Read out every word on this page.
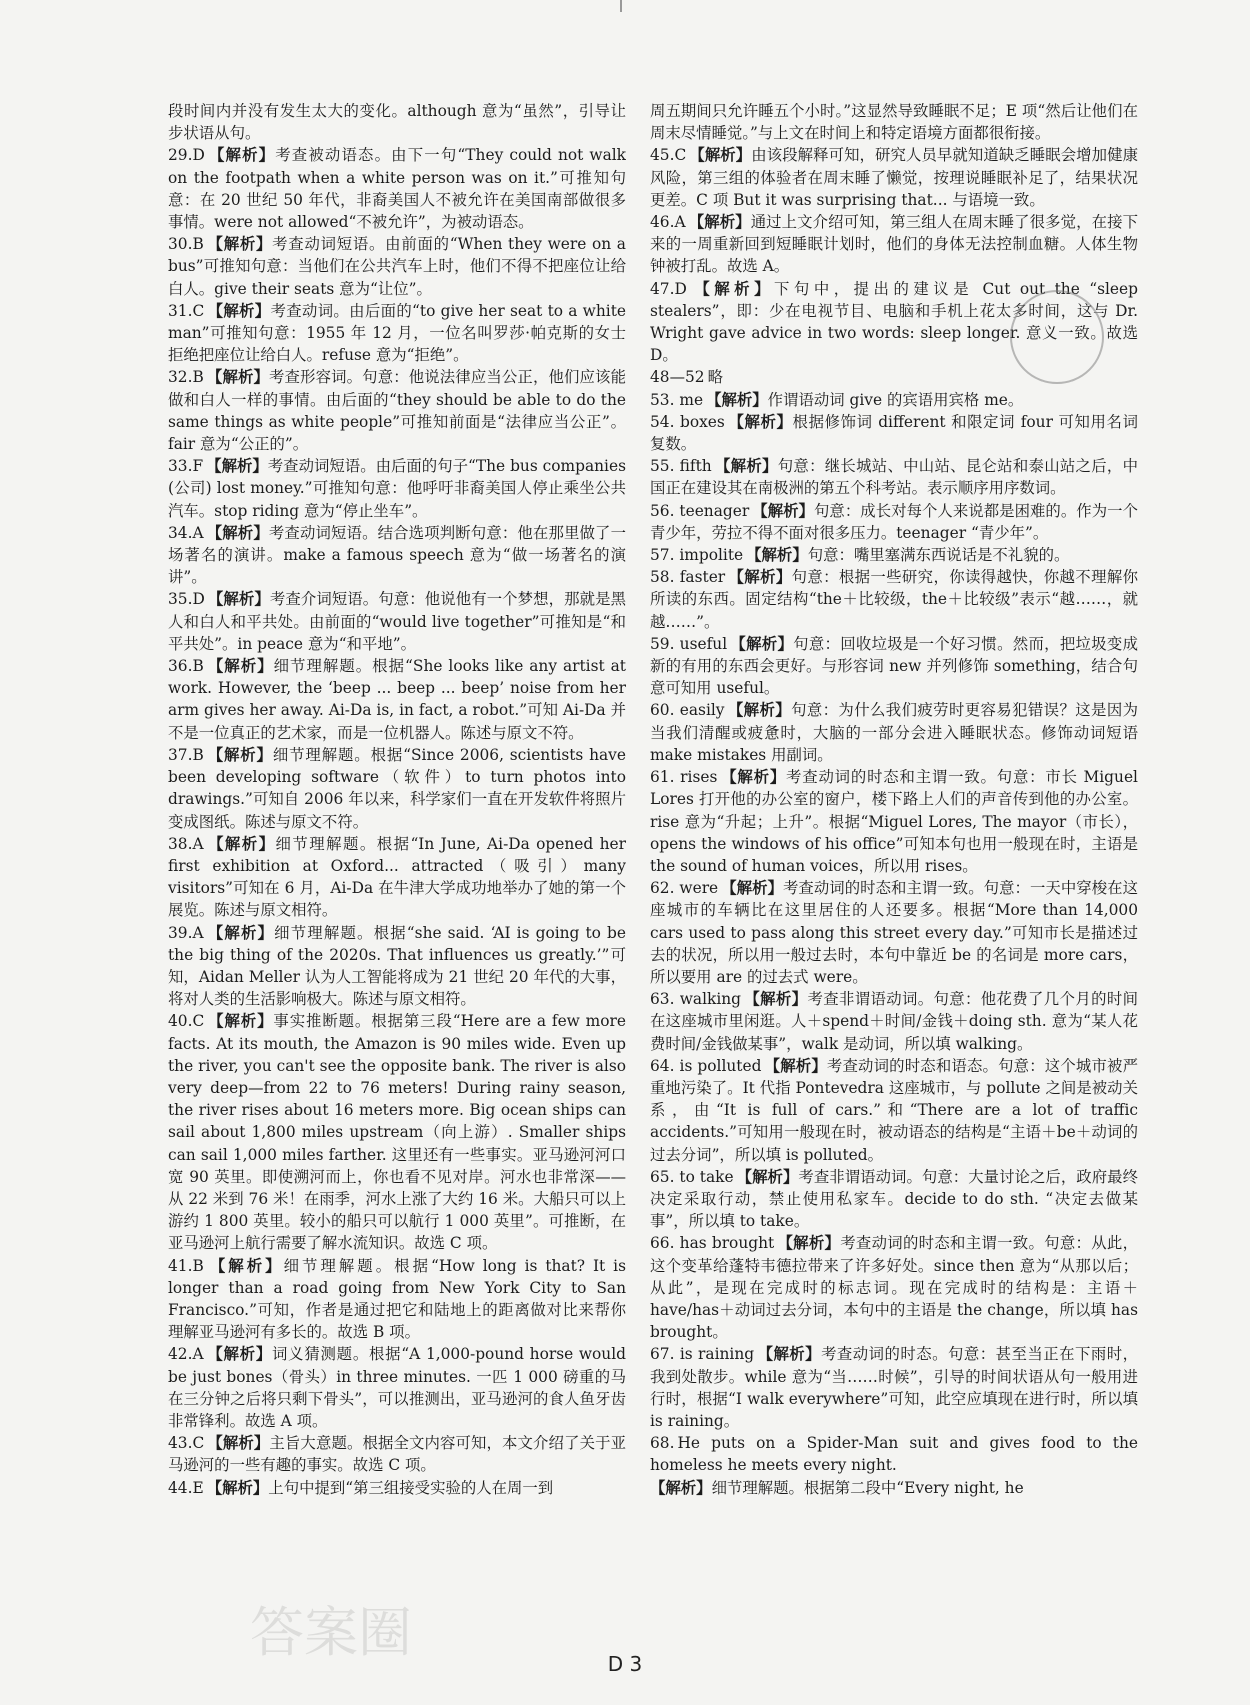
段时间内并没有发生太大的变化。although 意为“虽然”，引导让步状语从句。

29.D 【解析】考查被动语态。由下一句“They could not walk on the footpath when a white person was on it.”可推知句意：在 20 世纪 50 年代，非裔美国人不被允许在美国南部做很多事情。were not allowed“不被允许”，为被动语态。

30.B 【解析】考查动词短语。由前面的“When they were on a bus”可推知句意：当他们在公共汽车上时，他们不得不把座位让给白人。give their seats 意为“让位”。

31.C 【解析】考查动词。由后面的“to give her seat to a white man”可推知句意：1955 年 12 月，一位名叫罗莎·帕克斯的女士拒绝把座位让给白人。refuse 意为“拒绝”。

32.B 【解析】考查形容词。句意：他说法律应当公正，他们应该能做和白人一样的事情。由后面的“they should be able to do the same things as white people”可推知前面是“法律应当公正”。fair 意为“公正的”。

33.F 【解析】考查动词短语。由后面的句子“The bus companies (公司) lost money.”可推知句意：他呼吁非裔美国人停止乘坐公共汽车。stop riding 意为“停止坐车”。

34.A 【解析】考查动词短语。结合选项判断句意：他在那里做了一场著名的演讲。make a famous speech 意为“做一场著名的演讲”。

35.D 【解析】考查介词短语。句意：他说他有一个梦想，那就是黑人和白人和平共处。由前面的“would live together”可推知是“和平共处”。in peace 意为“和平地”。

36.B 【解析】细节理解题。根据“She looks like any artist at work. However, the ‘beep ... beep ... beep’ noise from her arm gives her away. Ai-Da is, in fact, a robot.”可知 Ai-Da 并不是一位真正的艺术家，而是一位机器人。陈述与原文不符。

37.B 【解析】细节理解题。根据“Since 2006, scientists have been developing software（软件）to turn photos into drawings.”可知自 2006 年以来，科学家们一直在开发软件将照片变成图纸。陈述与原文不符。

38.A 【解析】细节理解题。根据“In June, Ai-Da opened her first exhibition at Oxford... attracted（吸引）many visitors”可知在 6 月，Ai-Da 在牛津大学成功地举办了她的第一个展览。陈述与原文相符。

39.A 【解析】细节理解题。根据“she said. ‘AI is going to be the big thing of the 2020s. That influences us greatly.’”可知，Aidan Meller 认为人工智能将成为 21 世纪 20 年代的大事，将对人类的生活影响极大。陈述与原文相符。

40.C 【解析】事实推断题。根据第三段“Here are a few more facts. At its mouth, the Amazon is 90 miles wide. Even up the river, you can't see the opposite bank. The river is also very deep—from 22 to 76 meters! During rainy season, the river rises about 16 meters more. Big ocean ships can sail about 1,800 miles upstream（向上游）. Smaller ships can sail 1,000 miles farther. 这里还有一些事实。亚马逊河河口宽 90 英里。即使溯河而上，你也看不见对岸。河水也非常深——从 22 米到 76 米！在雨季，河水上涨了大约 16 米。大船只可以上游约 1 800 英里。较小的船只可以航行 1 000 英里”。可推断，在亚马逊河上航行需要了解水流知识。故选 C 项。

41.B 【解析】细节理解题。根据“How long is that? It is longer than a road going from New York City to San Francisco.”可知，作者是通过把它和陆地上的距离做对比来帮你理解亚马逊河有多长的。故选 B 项。

42.A 【解析】词义猜测题。根据“A 1,000-pound horse would be just bones（骨头）in three minutes. 一匹 1 000 磅重的马在三分钟之后将只剩下骨头”，可以推测出，亚马逊河的食人鱼牙齿非常锋利。故选 A 项。

43.C 【解析】主旨大意题。根据全文内容可知，本文介绍了关于亚马逊河的一些有趣的事实。故选 C 项。

44.E 【解析】上句中提到“第三组接受实验的人在周一到

周五期间只允许睡五个小时。”这显然导致睡眠不足；E 项“然后让他们在周末尽情睡觉。”与上文在时间上和特定语境方面都很衔接。

45.C 【解析】由该段解释可知，研究人员早就知道缺乏睡眠会增加健康风险，第三组的体验者在周末睡了懒觉，按理说睡眠补足了，结果状况更差。C 项 But it was surprising that... 与语境一致。

46.A 【解析】通过上文介绍可知，第三组人在周末睡了很多觉，在接下来的一周重新回到短睡眠计划时，他们的身体无法控制血糖。人体生物钟被打乱。故选 A。

47.D 【解析】下句中，提出的建议是 Cut out the “sleep stealers”，即：少在电视节目、电脑和手机上花太多时间，这与 Dr. Wright gave advice in two words: sleep longer. 意义一致。故选 D。

48—52 略

53. me 【解析】作谓语动词 give 的宾语用宾格 me。

54. boxes 【解析】根据修饰词 different 和限定词 four 可知用名词复数。

55. fifth 【解析】句意：继长城站、中山站、昆仑站和泰山站之后，中国正在建设其在南极洲的第五个科考站。表示顺序用序数词。

56. teenager 【解析】句意：成长对每个人来说都是困难的。作为一个青少年，劳拉不得不面对很多压力。teenager “青少年”。

57. impolite 【解析】句意：嘴里塞满东西说话是不礼貌的。

58. faster 【解析】句意：根据一些研究，你读得越快，你越不理解你所读的东西。固定结构“the＋比较级，the＋比较级”表示“越……，就越……”。

59. useful 【解析】句意：回收垃圾是一个好习惯。然而，把垃圾变成新的有用的东西会更好。与形容词 new 并列修饰 something，结合句意可知用 useful。

60. easily 【解析】句意：为什么我们疲劳时更容易犯错误？这是因为当我们清醒或疲惫时，大脑的一部分会进入睡眠状态。修饰动词短语 make mistakes 用副词。

61. rises 【解析】考查动词的时态和主谓一致。句意：市长 Miguel Lores 打开他的办公室的窗户，楼下路上人们的声音传到他的办公室。rise 意为“升起；上升”。根据“Miguel Lores, The mayor（市长），opens the windows of his office”可知本句也用一般现在时，主语是 the sound of human voices，所以用 rises。

62. were 【解析】考查动词的时态和主谓一致。句意：一天中穿梭在这座城市的车辆比在这里居住的人还要多。根据“More than 14,000 cars used to pass along this street every day.”可知市长是描述过去的状况，所以用一般过去时，本句中靠近 be 的名词是 more cars，所以要用 are 的过去式 were。

63. walking 【解析】考查非谓语动词。句意：他花费了几个月的时间在这座城市里闲逛。人＋spend＋时间/金钱＋doing sth. 意为“某人花费时间/金钱做某事”，walk 是动词，所以填 walking。

64. is polluted 【解析】考查动词的时态和语态。句意：这个城市被严重地污染了。It 代指 Pontevedra 这座城市，与 pollute 之间是被动关系，由“It is full of cars.”和“There are a lot of traffic accidents.”可知用一般现在时，被动语态的结构是“主语＋be＋动词的过去分词”，所以填 is polluted。

65. to take 【解析】考查非谓语动词。句意：大量讨论之后，政府最终决定采取行动，禁止使用私家车。decide to do sth. “决定去做某事”，所以填 to take。

66. has brought 【解析】考查动词的时态和主谓一致。句意：从此，这个变革给蓬特韦德拉带来了许多好处。since then 意为“从那以后；从此”，是现在完成时的标志词。现在完成时的结构是：主语＋have/has＋动词过去分词，本句中的主语是 the change，所以填 has brought。

67. is raining 【解析】考查动词的时态。句意：甚至当正在下雨时，我到处散步。while 意为“当……时候”，引导的时间状语从句一般用进行时，根据“I walk everywhere”可知，此空应填现在进行时，所以填 is raining。

68. He puts on a Spider-Man suit and gives food to the homeless he meets every night.

【解析】细节理解题。根据第二段中“Every night, he

答案圈	D 3
